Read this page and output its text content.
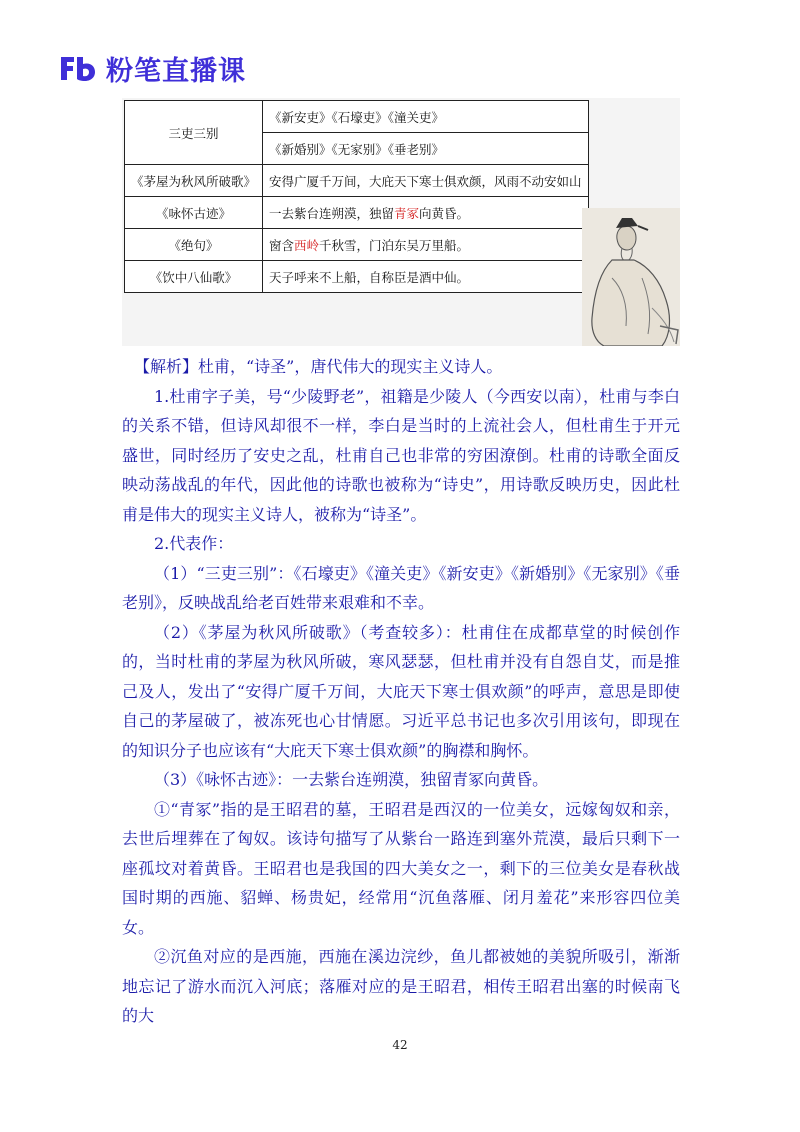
粉笔直播课
三吏三别	《新安吏》《石壕吏》《潼关吏》
	《新婚别》《无家别》《垂老别》
《茅屋为秋风所破歌》	安得广厦千万间，大庇天下寒士俱欢颜，风雨不动安如山
《咏怀古迹》	一去紫台连朔漠，独留青冢向黄昏。
《绝句》	窗含西岭千秋雪，门泊东吴万里船。
《饮中八仙歌》	天子呼来不上船，自称臣是酒中仙。

【解析】杜甫，“诗圣”，唐代伟大的现实主义诗人。

1.杜甫字子美，号“少陵野老”，祖籍是少陵人（今西安以南），杜甫与李白的关系不错，但诗风却很不一样，李白是当时的上流社会人，但杜甫生于开元盛世，同时经历了安史之乱，杜甫自己也非常的穷困潦倒。杜甫的诗歌全面反映动荡战乱的年代，因此他的诗歌也被称为“诗史”，用诗歌反映历史，因此杜甫是伟大的现实主义诗人，被称为“诗圣”。

2.代表作：

（1）“三吏三别”：《石壕吏》《潼关吏》《新安吏》《新婚别》《无家别》《垂老别》，反映战乱给老百姓带来艰难和不幸。

（2）《茅屋为秋风所破歌》（考查较多）：杜甫住在成都草堂的时候创作的，当时杜甫的茅屋为秋风所破，寒风瑟瑟，但杜甫并没有自怨自艾，而是推己及人，发出了“安得广厦千万间，大庇天下寒士俱欢颜”的呼声，意思是即使自己的茅屋破了，被冻死也心甘情愿。习近平总书记也多次引用该句，即现在的知识分子也应该有“大庇天下寒士俱欢颜”的胸襟和胸怀。

（3）《咏怀古迹》：一去紫台连朔漠，独留青冢向黄昏。

①“青冢”指的是王昭君的墓，王昭君是西汉的一位美女，远嫁匈奴和亲，去世后埋葬在了匈奴。该诗句描写了从紫台一路连到塞外荒漠，最后只剩下一座孤坟对着黄昏。王昭君也是我国的四大美女之一，剩下的三位美女是春秋战国时期的西施、貂蝉、杨贵妃，经常用“沉鱼落雁、闭月羞花”来形容四位美女。

②沉鱼对应的是西施，西施在溪边浣纱，鱼儿都被她的美貌所吸引，渐渐地忘记了游水而沉入河底；落雁对应的是王昭君，相传王昭君出塞的时候南飞的大

42
